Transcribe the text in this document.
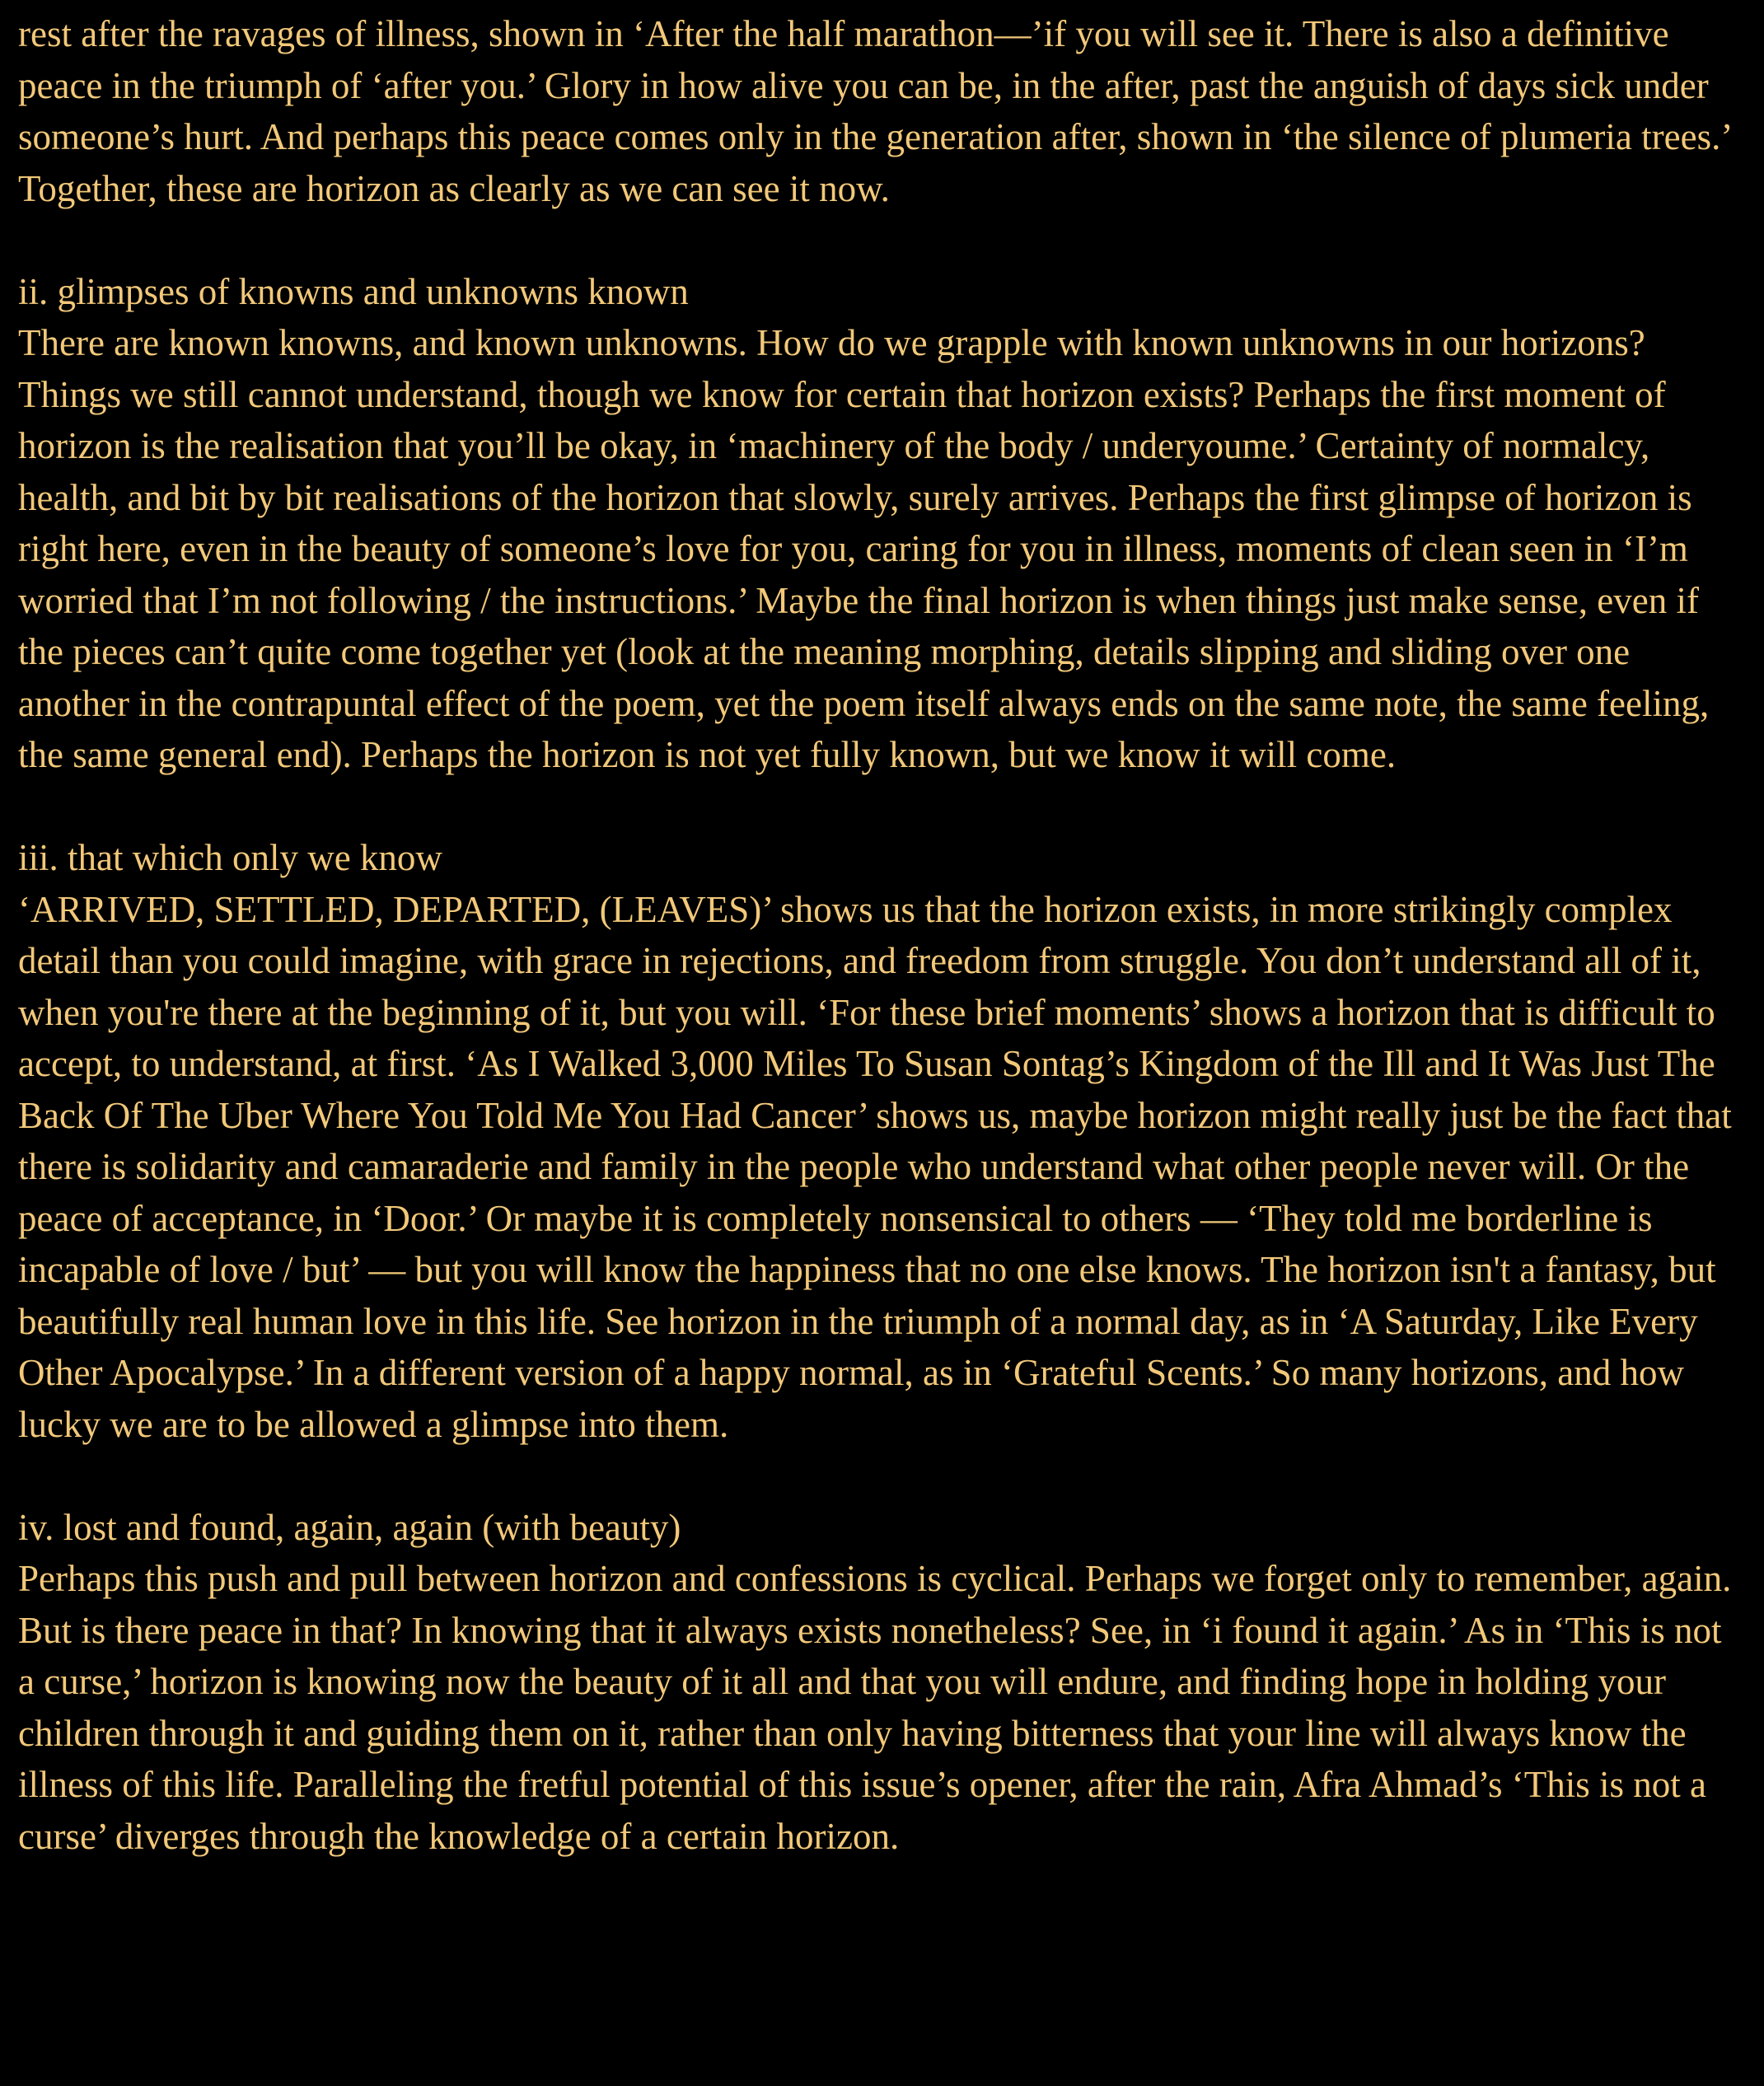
rest after the ravages of illness, shown in ‘After the half marathon—’if you will see it. There is also a definitive peace in the triumph of ‘after you.’ Glory in how alive you can be, in the after, past the anguish of days sick under someone’s hurt. And perhaps this peace comes only in the generation after, shown in ‘the silence of plumeria trees.’ Together, these are horizon as clearly as we can see it now.
ii. glimpses of knowns and unknowns known
There are known knowns, and known unknowns. How do we grapple with known unknowns in our horizons? Things we still cannot understand, though we know for certain that horizon exists? Perhaps the first moment of horizon is the realisation that you’ll be okay, in ‘machinery of the body / underyoume.’ Certainty of normalcy, health, and bit by bit realisations of the horizon that slowly, surely arrives. Perhaps the first glimpse of horizon is right here, even in the beauty of someone’s love for you, caring for you in illness, moments of clean seen in ‘I’m worried that I’m not following / the instructions.’ Maybe the final horizon is when things just make sense, even if the pieces can’t quite come together yet (look at the meaning morphing, details slipping and sliding over one another in the contrapuntal effect of the poem, yet the poem itself always ends on the same note, the same feeling, the same general end). Perhaps the horizon is not yet fully known, but we know it will come.
iii. that which only we know
‘ARRIVED, SETTLED, DEPARTED, (LEAVES)’ shows us that the horizon exists, in more strikingly complex detail than you could imagine, with grace in rejections, and freedom from struggle. You don’t understand all of it, when you're there at the beginning of it, but you will. ‘For these brief moments’ shows a horizon that is difficult to accept, to understand, at first. ‘As I Walked 3,000 Miles To Susan Sontag’s Kingdom of the Ill and It Was Just The Back Of The Uber Where You Told Me You Had Cancer’ shows us, maybe horizon might really just be the fact that there is solidarity and camaraderie and family in the people who understand what other people never will. Or the peace of acceptance, in ‘Door.’ Or maybe it is completely nonsensical to others — ‘They told me borderline is incapable of love / but’ — but you will know the happiness that no one else knows. The horizon isn't a fantasy, but beautifully real human love in this life. See horizon in the triumph of a normal day, as in ‘A Saturday, Like Every Other Apocalypse.’ In a different version of a happy normal, as in ‘Grateful Scents.’ So many horizons, and how lucky we are to be allowed a glimpse into them.
iv. lost and found, again, again (with beauty)
Perhaps this push and pull between horizon and confessions is cyclical. Perhaps we forget only to remember, again. But is there peace in that? In knowing that it always exists nonetheless? See, in ‘i found it again.’ As in ‘This is not a curse,’ horizon is knowing now the beauty of it all and that you will endure, and finding hope in holding your children through it and guiding them on it, rather than only having bitterness that your line will always know the illness of this life. Paralleling the fretful potential of this issue’s opener, after the rain, Afra Ahmad’s ‘This is not a curse’ diverges through the knowledge of a certain horizon.
